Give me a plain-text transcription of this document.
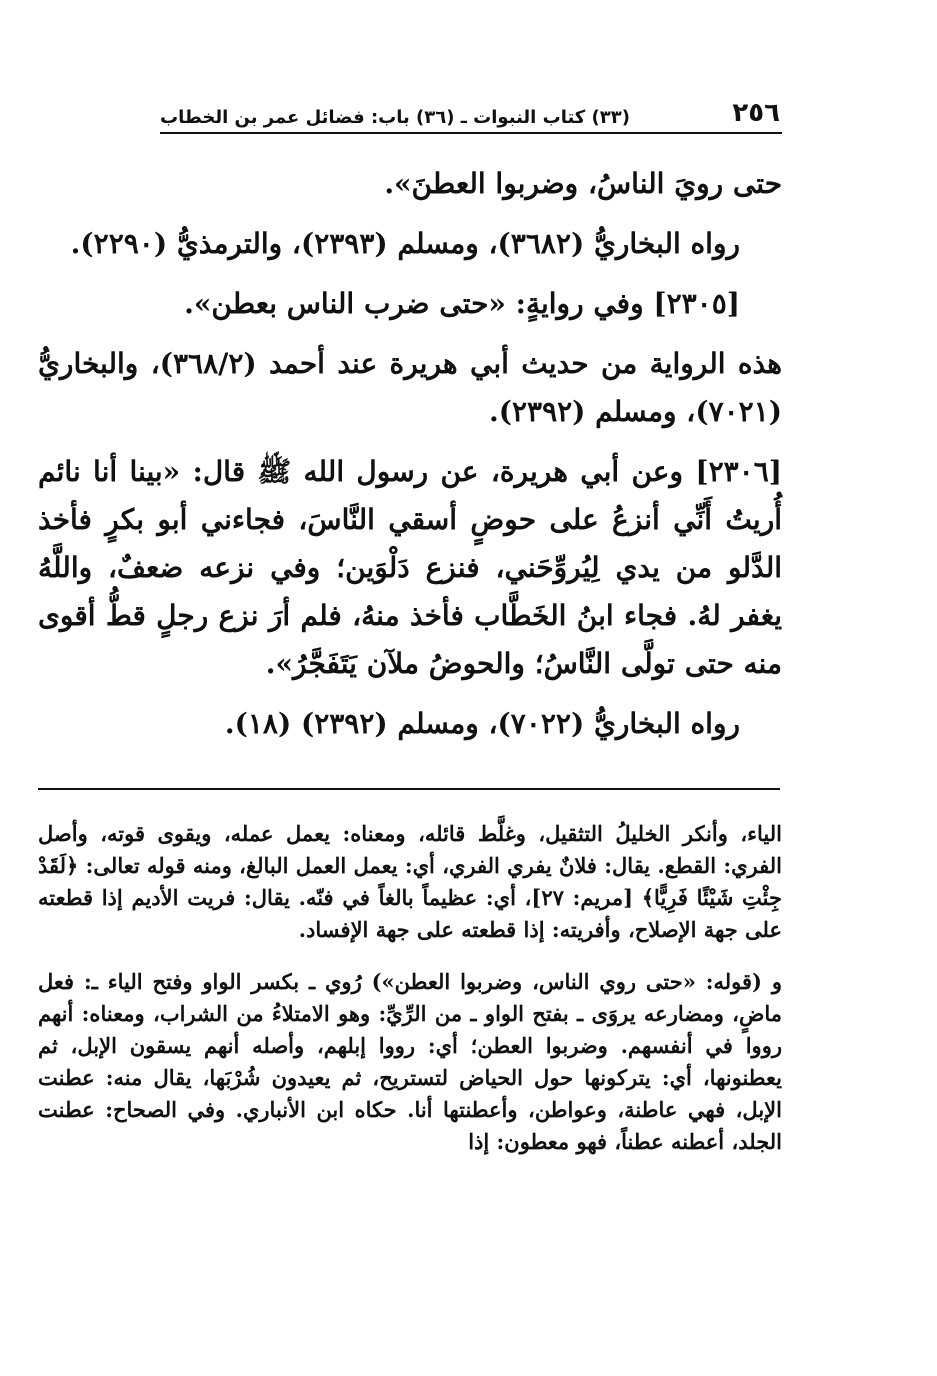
(٣٣) كتاب النبوات ـ (٣٦) باب: فضائل عمر بن الخطاب	٢٥٦

حتى رويَ الناسُ، وضربوا العطنَ».

رواه البخاريُّ (٣٦٨٢)، ومسلم (٢٣٩٣)، والترمذيُّ (٢٢٩٠).

[٢٣٠٥] وفي روايةٍ: «حتى ضرب الناس بعطن».

هذه الرواية من حديث أبي هريرة عند أحمد (٣٦٨/٢)، والبخاريُّ (٧٠٢١)، ومسلم (٢٣٩٢).

[٢٣٠٦] وعن أبي هريرة، عن رسول الله ﷺ قال: «بينا أنا نائم أُريتُ أَنِّي أنزعُ على حوضٍ أسقي النَّاسَ، فجاءني أبو بكرٍ فأخذ الدَّلو من يدي لِيُروِّحَني، فنزع دَلْوَين؛ وفي نزعه ضعفٌ، واللَّهُ يغفر لهُ. فجاء ابنُ الخَطَّاب فأخذ منهُ، فلم أرَ نزع رجلٍ قطُّ أقوى منه حتى تولَّى النَّاسُ؛ والحوضُ ملآن يَتَفَجَّرُ».

رواه البخاريُّ (٧٠٢٢)، ومسلم (٢٣٩٢) (١٨).

الياء، وأنكر الخليلُ التثقيل، وغلَّط قائله، ومعناه: يعمل عمله، ويقوى قوته، وأصل الفري: القطع. يقال: فلانٌ يفري الفري، أي: يعمل العمل البالغ، ومنه قوله تعالى: ﴿لَقَدْ جِئْتِ شَيْئًا فَرِيًّا﴾ [مريم: ٢٧]، أي: عظيماً بالغاً في فنّه. يقال: فريت الأديم إذا قطعته على جهة الإصلاح، وأفريته: إذا قطعته على جهة الإفساد.

و (قوله: «حتى روي الناس، وضربوا العطن») رُوي ـ بكسر الواو وفتح الياء ـ: فعل ماضٍ، ومضارعه يروَى ـ بفتح الواو ـ من الرِّيِّ: وهو الامتلاءُ من الشراب، ومعناه: أنهم رووا في أنفسهم. وضربوا العطن؛ أي: رووا إبلهم، وأصله أنهم يسقون الإبل، ثم يعطنونها، أي: يتركونها حول الحياض لتستريح، ثم يعيدون شُرْبَها، يقال منه: عطنت الإبل، فهي عاطنة، وعواطن، وأعطنتها أنا. حكاه ابن الأنباري. وفي الصحاح: عطنت الجلد، أعطنه عطناً، فهو معطون: إذا
